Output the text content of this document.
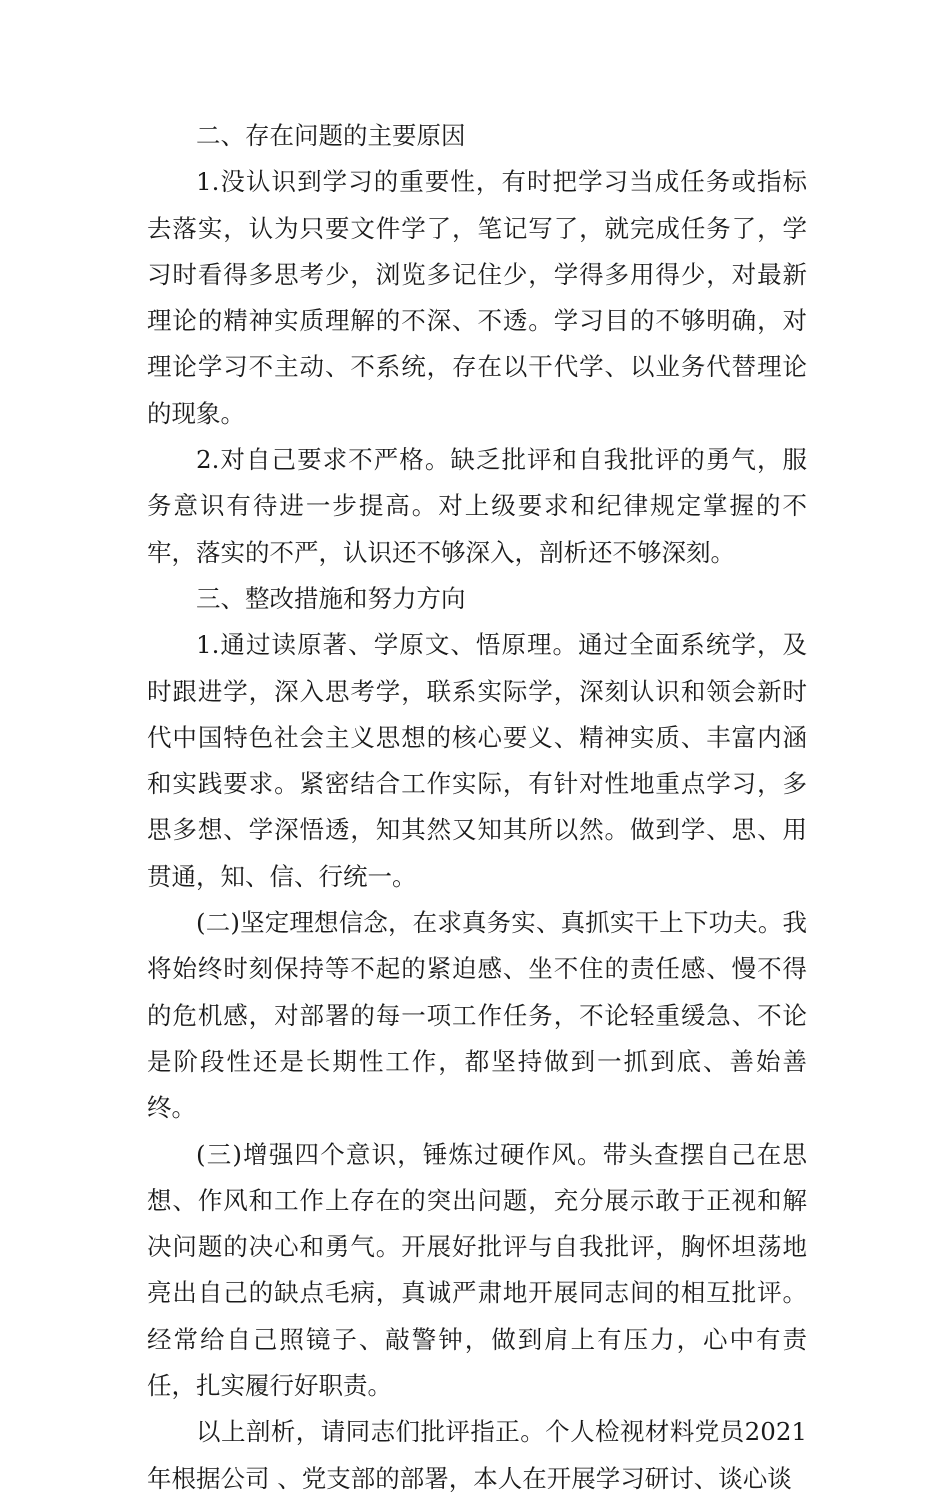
二、存在问题的主要原因

1.没认识到学习的重要性，有时把学习当成任务或指标去落实，认为只要文件学了，笔记写了，就完成任务了，学习时看得多思考少，浏览多记住少，学得多用得少，对最新理论的精神实质理解的不深、不透。学习目的不够明确，对理论学习不主动、不系统，存在以干代学、以业务代替理论的现象。

2.对自己要求不严格。缺乏批评和自我批评的勇气，服务意识有待进一步提高。对上级要求和纪律规定掌握的不牢，落实的不严，认识还不够深入，剖析还不够深刻。

三、整改措施和努力方向

1.通过读原著、学原文、悟原理。通过全面系统学，及时跟进学，深入思考学，联系实际学，深刻认识和领会新时代中国特色社会主义思想的核心要义、精神实质、丰富内涵和实践要求。紧密结合工作实际，有针对性地重点学习，多思多想、学深悟透，知其然又知其所以然。做到学、思、用贯通，知、信、行统一。

(二)坚定理想信念，在求真务实、真抓实干上下功夫。我将始终时刻保持等不起的紧迫感、坐不住的责任感、慢不得的危机感，对部署的每一项工作任务，不论轻重缓急、不论是阶段性还是长期性工作，都坚持做到一抓到底、善始善终。

(三)增强四个意识，锤炼过硬作风。带头查摆自己在思想、作风和工作上存在的突出问题，充分展示敢于正视和解决问题的决心和勇气。开展好批评与自我批评，胸怀坦荡地亮出自己的缺点毛病，真诚严肃地开展同志间的相互批评。经常给自己照镜子、敲警钟，做到肩上有压力，心中有责任，扎实履行好职责。

以上剖析，请同志们批评指正。个人检视材料党员2021年根据公司 、党支部的部署，本人在开展学习研讨、谈心谈
